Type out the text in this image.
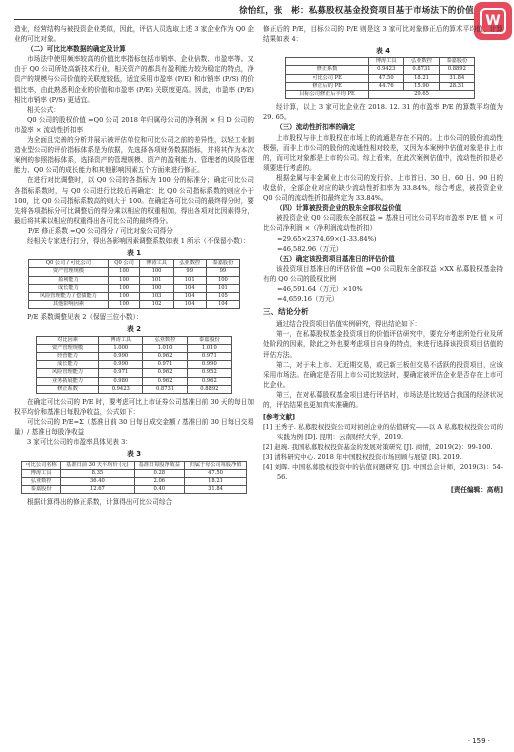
徐怡红，张　彬：私募股权基金投资项目基于市场法下的价值
W

造业，经营结构与被投资企业类似，因此，评估人员选取上述 3 家企业作为 Q0 企业的可比对象。

（二）可比比率数据的确定及计算

市场法中使用频率较高的价值比率指标包括市销率、企业倍数、市盈率等。又由于 Q0 公司所处高新技术行业，相关资产的都具有盈利能力较为稳定的特点，净资产的规模与公司价值的关联度较低，适宜采用市盈率 (P/E) 和市销率 (P/S) 的价值比率，由此熟悉利企业的价值和市盈率 (P/E) 关联度更高。因此，市盈率 (P/E) 相比市销率 (P/S) 更适宜。

相关公式：

Q0 公司的股权价值 =Q0 公司 2018 年归属母公司的净利润 × 归 D 公司的市盈率 × 流动性折扣率

为全面且完善的分析并展示被评估单位和可比公司之前的差异性，以轻工业制造业型公司的评价指标体系是为依据，先选择各项财务数据指标，并将其作为本次案例的参照指标体系，选择资产的管理规模、资产的盈利能力、管理者的风险管理能力、Q0 公司的成长能力和其他影响因素五个方面来进行修正。

在进行对比调整时，以 Q0 公司的各指标为 100 分的标准分；确定可比公司各指标系数时，与 Q0 公司进行比较后再确定：比 Q0 公司指标系数的则应小于 100，比 Q0 公司指标系数高的则大于 100。在确定各可比公司的最终得分时，要先将各项指标分可比调整后的得分乘以相应的权重相加，得出各项对比因素得分，最后将其乘以相应的权重得出各可比公司的最终得分。

P/E 修正系数 =Q0 公司得分 / 可比对象公司得分

经相关专家进行打分，得出各影响因素调整系数如表 1 所示（不保留小数）：

表 1
Q0 公司 / 可比公司	Q0 公司	博涛工具	弘亚数控	泰嘉股份
资产管理规模	100	100	99	99
盈利能力	100	101	101	100
成长能力	100	100	104	101
风险管理能力 / 偿债能力	100	103	104	105
其他影响因素	100	102	104	104

P/E 系数调整见表 2（保留三位小数）：

表 2
对比因素	博涛工具	弘亚数控	泰嘉股份
资产管理规模	1.000	1.010	1.010
经营能力	0.990	0.962	0.971
成长能力	0.990	0.971	0.990
风险管理能力	0.971	0.962	0.952
业务拓展能力	0.980	0.962	0.962
修正系数	0.9423	0.8731	0.8892

在确定可比公司的 P/E 时，要考虑可比上市证券公司基准日前 30 天的每日加权平均价和基准日每股净收益，公式如下：

可比公司的 P/E=Σ（基准日前 30 日每日成交金额 / 基准日前 30 日每日交易量）/ 基准日每股净收益

3 家可比公司的市盈率具体见表 3：

表 3
可比公司名称	基准日前 30 天平均价 (元)	基准日每股净收益	归属于母公司每股净值
博涛工具	8.35	0.28	47.50
弘亚数控	36.40	2.06	18.21
泰嘉股份	12.67	0.40	31.84

根据计算得出的修正系数，计算得出可比公司综合

修正后的 P/E，目标公司的 P/E 则是这 3 家可比对象修正后的算术平均值，计算结果如表 4：

表 4
	博涛工具	弘亚数控	泰嘉股份
修正系数	0.9423	0.8731	0.8892
可比公司 PE	47.50	18.21	31.84
修正后的 PE	44.76	15.90	28.31
目标公司修正后平均 PE	29.65		

经计算，以上 3 家可比企业在 2018. 12. 31 的市盈率 P/E 的算数平均值为 29. 65。

（三）流动性折扣率的确定

上市股权与非上市股权在市场上的流通是存在不同的。上市公司的股份流动性极强，而非上市公司的股份的流通性相对较差，又因为本案例中估值对象是非上市的，而可比对象都是上市的公司。综上看来，在此次案例估值中，流动性折扣是必须要进行考虑的。

根据金属与非金属业上市公司的发行价、上市首日、30 日、60 日、90 日的收盘价，全部企业对应的缺少流动性折扣率为 33.84%，综合考虑，被投资企业 Q0 公司的流动性折扣最终定为 33.84%。

（四）计算被投资企业的股东全部权益价值

被投资企业 Q0 公司股东全部权益 = 基准日可比公司平均市盈率 P/E 值 × 可比公司净利润 ×（净利润流动性折扣）

=29.65×2374.69×(1-33.84%)

=46,582.96（万元）

（五）确定该投资项目基准日的评估价值

该投资项目基准日的评估价值 =Q0 公司股东全部权益 ×XX 私募股权基金持有的 Q0 公司的股权比例

=46,591.64（万元）×10%

=4,659.16（万元）

三、结论分析

通过结合投资项目估值实例研究，得出结论如下：

第一，在私募股权基金投资项目的价值评估研究中，要充分考虑所处行业及所处阶段的因素，除此之外也要考虑项目自身的特点，来进行选择该投资项目估值的评估方法。

第二，对于未上市、无近期交易，或已新三板但交易不活跃的投资项目，应该采用市场法。在确定是否用上市公司比较法时，要确定被评估企业是否存在上市可比企业。

第三，在对私募股权基金项目进行评估时，市场法是比较适合我国的经济状况的，评估结果也更加真实准确的。

[参考文献]
[1] 王秀子. 私募股权投资公司对初创企业的估值研究——以 A 私募股权投资公司的实践为例 [D]. 昆明：云南财经大学，2019.
[2] 赵琬. 我国私募股权投资基金的发展对策研究 [J]. 商情，2019(2)：99-100.
[3] 清科研究中心. 2018 年中国股权投资市场回顾与展望 [R]. 2019.
[4] 刘晖. 中国私募股权投资中的估值问题研究 [J]. 中国总会计师，2019(3)：54-56.
[责任编辑：高萌]
· 159 ·
